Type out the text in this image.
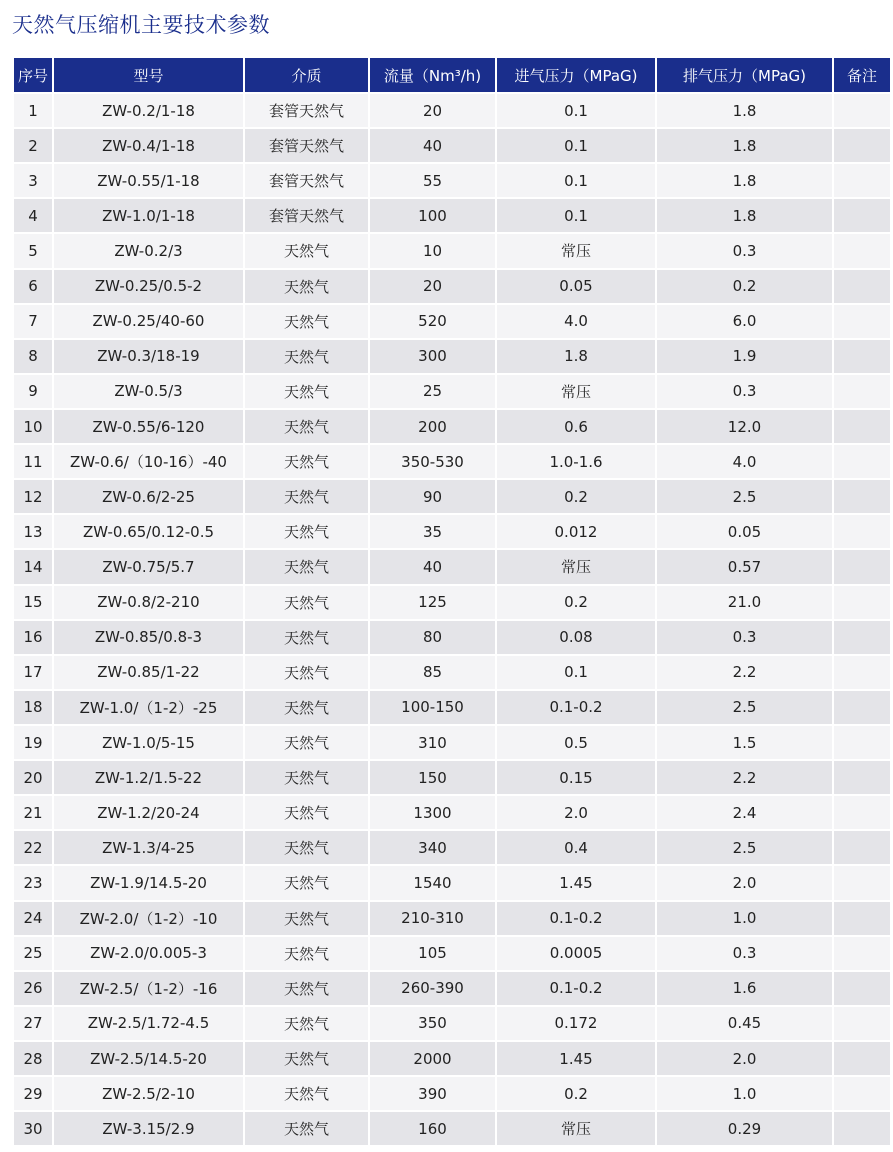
天然气压缩机主要技术参数
序号	型号	介质	流量（Nm³/h)	进气压力（MPaG)	排气压力（MPaG)	备注
1	ZW-0.2/1-18	套管天然气	20	0.1	1.8	
2	ZW-0.4/1-18	套管天然气	40	0.1	1.8	
3	ZW-0.55/1-18	套管天然气	55	0.1	1.8	
4	ZW-1.0/1-18	套管天然气	100	0.1	1.8	
5	ZW-0.2/3	天然气	10	常压	0.3	
6	ZW-0.25/0.5-2	天然气	20	0.05	0.2	
7	ZW-0.25/40-60	天然气	520	4.0	6.0	
8	ZW-0.3/18-19	天然气	300	1.8	1.9	
9	ZW-0.5/3	天然气	25	常压	0.3	
10	ZW-0.55/6-120	天然气	200	0.6	12.0	
11	ZW-0.6/（10-16）-40	天然气	350-530	1.0-1.6	4.0	
12	ZW-0.6/2-25	天然气	90	0.2	2.5	
13	ZW-0.65/0.12-0.5	天然气	35	0.012	0.05	
14	ZW-0.75/5.7	天然气	40	常压	0.57	
15	ZW-0.8/2-210	天然气	125	0.2	21.0	
16	ZW-0.85/0.8-3	天然气	80	0.08	0.3	
17	ZW-0.85/1-22	天然气	85	0.1	2.2	
18	ZW-1.0/（1-2）-25	天然气	100-150	0.1-0.2	2.5	
19	ZW-1.0/5-15	天然气	310	0.5	1.5	
20	ZW-1.2/1.5-22	天然气	150	0.15	2.2	
21	ZW-1.2/20-24	天然气	1300	2.0	2.4	
22	ZW-1.3/4-25	天然气	340	0.4	2.5	
23	ZW-1.9/14.5-20	天然气	1540	1.45	2.0	
24	ZW-2.0/（1-2）-10	天然气	210-310	0.1-0.2	1.0	
25	ZW-2.0/0.005-3	天然气	105	0.0005	0.3	
26	ZW-2.5/（1-2）-16	天然气	260-390	0.1-0.2	1.6	
27	ZW-2.5/1.72-4.5	天然气	350	0.172	0.45	
28	ZW-2.5/14.5-20	天然气	2000	1.45	2.0	
29	ZW-2.5/2-10	天然气	390	0.2	1.0	
30	ZW-3.15/2.9	天然气	160	常压	0.29	
